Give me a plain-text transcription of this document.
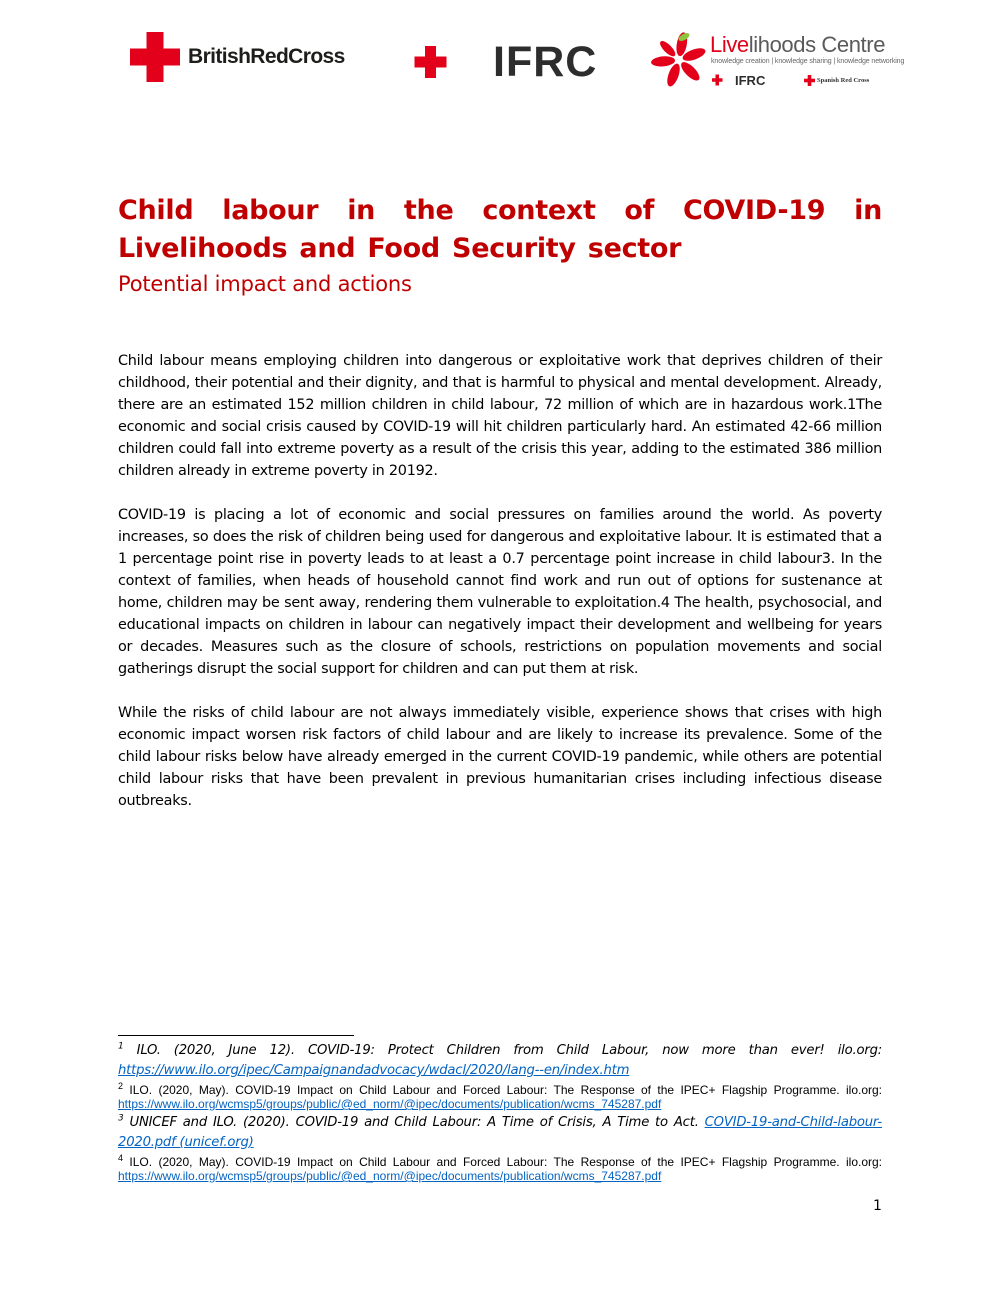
BritishRedCross	IFRC	Livelihoods Centre
knowledge creation | knowledge sharing | knowledge networking
IFRC	Spanish Red Cross
Child labour in the context of COVID-19 in Livelihoods and Food Security sector

Potential impact and actions

Child labour means employing children into dangerous or exploitative work that deprives children of their childhood, their potential and their dignity, and that is harmful to physical and mental development. Already, there are an estimated 152 million children in child labour, 72 million of which are in hazardous work.1The economic and social crisis caused by COVID-19 will hit children particularly hard. An estimated 42-66 million children could fall into extreme poverty as a result of the crisis this year, adding to the estimated 386 million children already in extreme poverty in 20192.

COVID-19 is placing a lot of economic and social pressures on families around the world. As poverty increases, so does the risk of children being used for dangerous and exploitative labour. It is estimated that a 1 percentage point rise in poverty leads to at least a 0.7 percentage point increase in child labour3. In the context of families, when heads of household cannot find work and run out of options for sustenance at home, children may be sent away, rendering them vulnerable to exploitation.4 The health, psychosocial, and educational impacts on children in labour can negatively impact their development and wellbeing for years or decades. Measures such as the closure of schools, restrictions on population movements and social gatherings disrupt the social support for children and can put them at risk.

While the risks of child labour are not always immediately visible, experience shows that crises with high economic impact worsen risk factors of child labour and are likely to increase its prevalence. Some of the child labour risks below have already emerged in the current COVID-19 pandemic, while others are potential child labour risks that have been prevalent in previous humanitarian crises including infectious disease outbreaks.

$^1$ ILO. (2020, June 12). COVID-19: Protect Children from Child Labour, now more than ever! ilo.org: https://www.ilo.org/ipec/Campaignandadvocacy/wdacl/2020/lang--en/index.htm

$^2$ ILO. (2020, May). COVID-19 Impact on Child Labour and Forced Labour: The Response of the IPEC+ Flagship Programme. ilo.org: https://www.ilo.org/wcmsp5/groups/public/@ed_norm/@ipec/documents/publication/wcms_745287.pdf

$^3$ UNICEF and ILO. (2020). COVID-19 and Child Labour: A Time of Crisis, A Time to Act. COVID-19-and-Child-labour-2020.pdf (unicef.org)

$^4$ ILO. (2020, May). COVID-19 Impact on Child Labour and Forced Labour: The Response of the IPEC+ Flagship Programme. ilo.org: https://www.ilo.org/wcmsp5/groups/public/@ed_norm/@ipec/documents/publication/wcms_745287.pdf

1
